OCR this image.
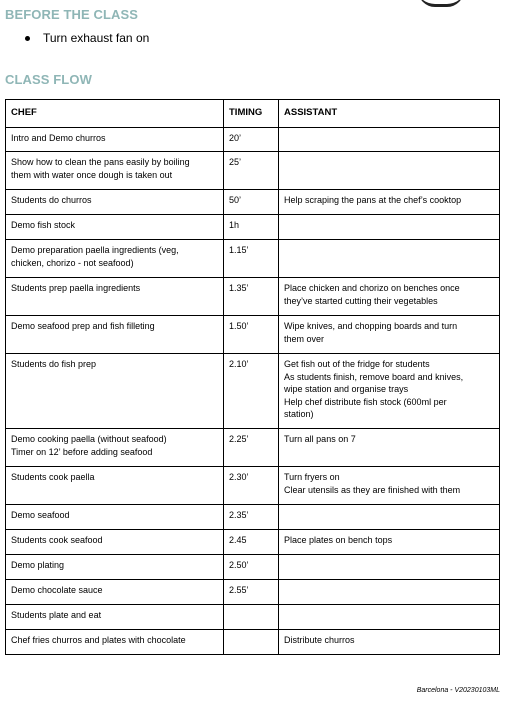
BEFORE THE CLASS
Turn exhaust fan on
CLASS FLOW
CHEF	TIMING	ASSISTANT
Intro and Demo churros	20’	
Show how to clean the pans easily by boiling
them with water once dough is taken out	25’	
Students do churros	50’	Help scraping the pans at the chef’s cooktop
Demo fish stock	1h	
Demo preparation paella ingredients (veg,
chicken, chorizo - not seafood)	1.15’	
Students prep paella ingredients	1.35’	Place chicken and chorizo on benches once
they’ve started cutting their vegetables
Demo seafood prep and fish filleting	1.50’	Wipe knives, and chopping boards and turn
them over
Students do fish prep	2.10’	Get fish out of the fridge for students
As students finish, remove board and knives,
wipe station and organise trays
Help chef distribute fish stock (600ml per
station)
Demo cooking paella (without seafood)
Timer on 12’ before adding seafood	2.25’	Turn all pans on 7
Students cook paella	2.30’	Turn fryers on
Clear utensils as they are finished with them
Demo seafood	2.35’	
Students cook seafood	2.45	Place plates on bench tops
Demo plating	2.50’	
Demo chocolate sauce	2.55’	
Students plate and eat		
Chef fries churros and plates with chocolate		Distribute churros
Barcelona - V20230103ML
